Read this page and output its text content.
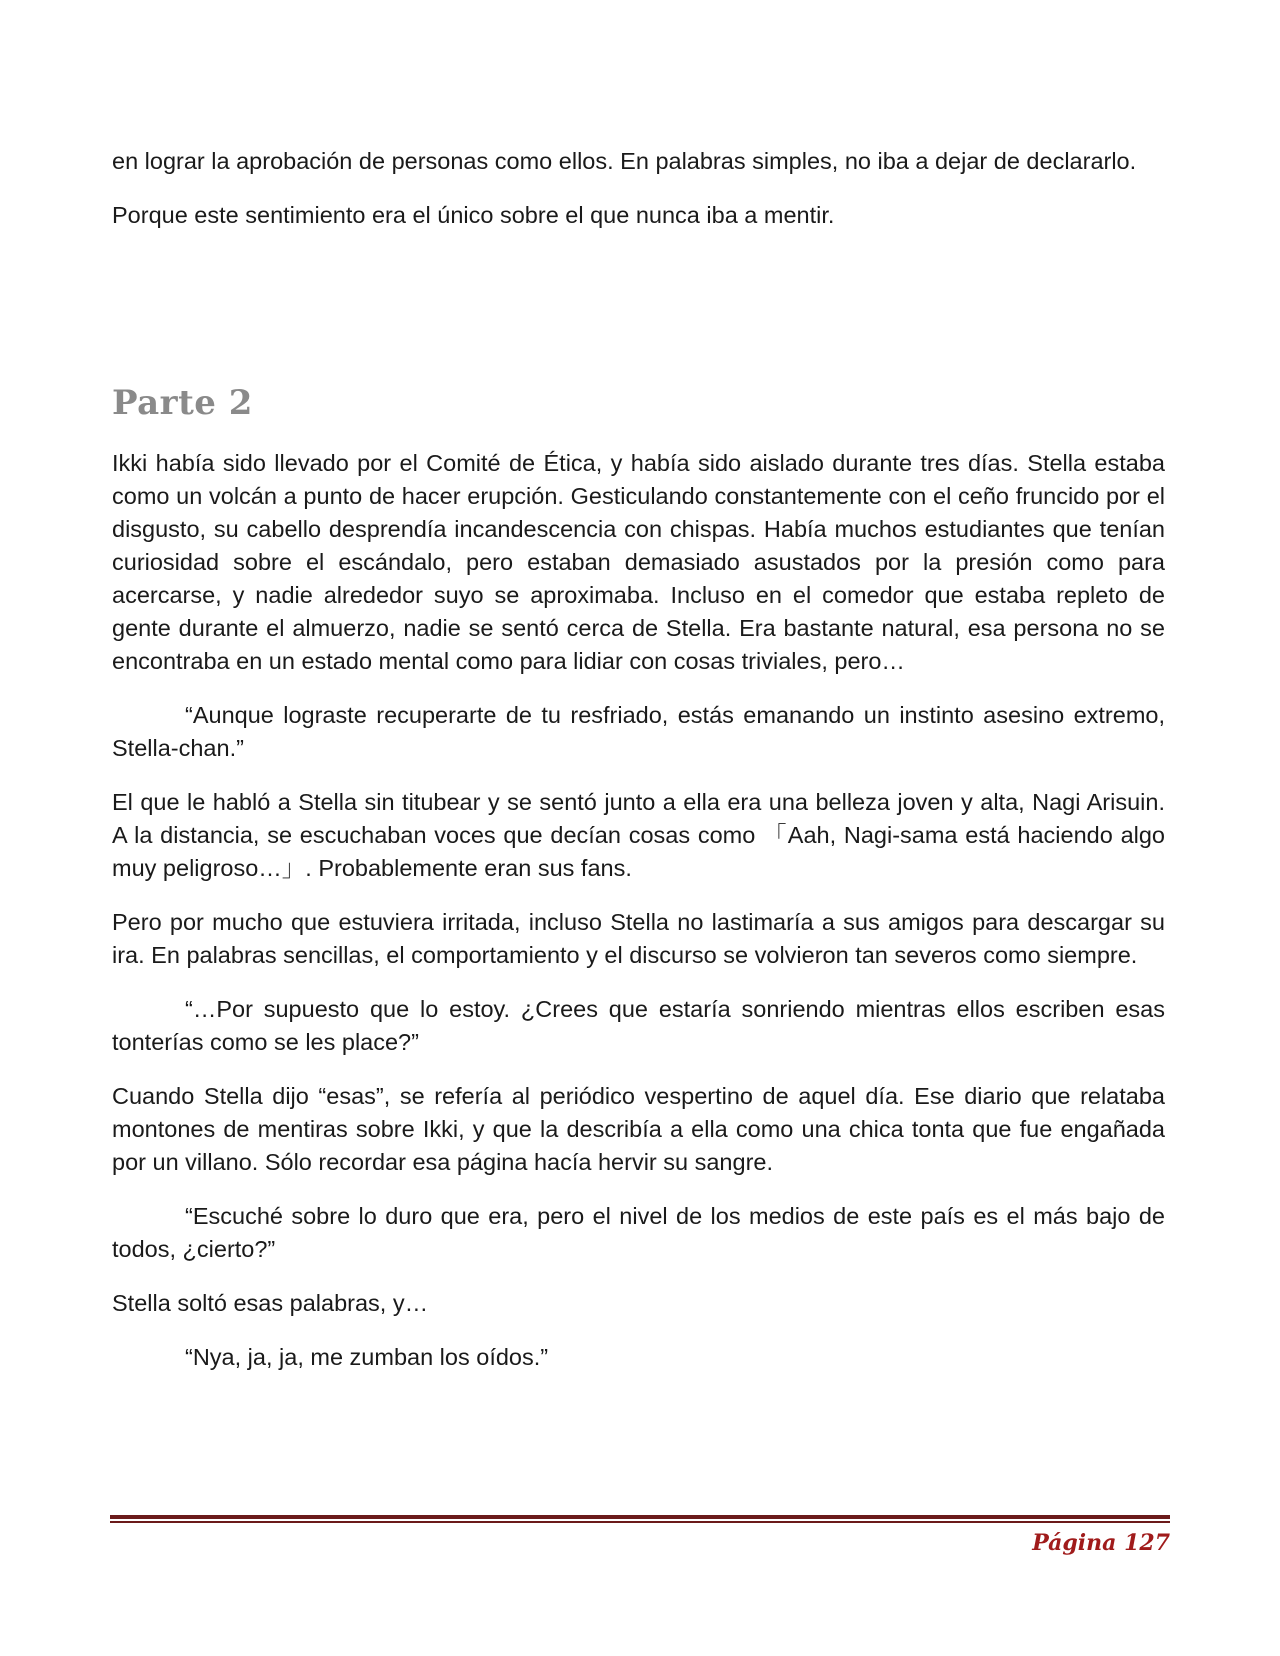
en lograr la aprobación de personas como ellos. En palabras simples, no iba a dejar de declararlo.

Porque este sentimiento era el único sobre el que nunca iba a mentir.

Parte 2

Ikki había sido llevado por el Comité de Ética, y había sido aislado durante tres días. Stella estaba como un volcán a punto de hacer erupción. Gesticulando constantemente con el ceño fruncido por el disgusto, su cabello desprendía incandescencia con chispas. Había muchos estudiantes que tenían curiosidad sobre el escándalo, pero estaban demasiado asustados por la presión como para acercarse, y nadie alrededor suyo se aproximaba. Incluso en el comedor que estaba repleto de gente durante el almuerzo, nadie se sentó cerca de Stella. Era bastante natural, esa persona no se encontraba en un estado mental como para lidiar con cosas triviales, pero…

“Aunque lograste recuperarte de tu resfriado, estás emanando un instinto asesino extremo, Stella-chan.”

El que le habló a Stella sin titubear y se sentó junto a ella era una belleza joven y alta, Nagi Arisuin. A la distancia, se escuchaban voces que decían cosas como 「Aah, Nagi-sama está haciendo algo muy peligroso…」. Probablemente eran sus fans.

Pero por mucho que estuviera irritada, incluso Stella no lastimaría a sus amigos para descargar su ira. En palabras sencillas, el comportamiento y el discurso se volvieron tan severos como siempre.

“…Por supuesto que lo estoy. ¿Crees que estaría sonriendo mientras ellos escriben esas tonterías como se les place?”

Cuando Stella dijo “esas”, se refería al periódico vespertino de aquel día. Ese diario que relataba montones de mentiras sobre Ikki, y que la describía a ella como una chica tonta que fue engañada por un villano. Sólo recordar esa página hacía hervir su sangre.

“Escuché sobre lo duro que era, pero el nivel de los medios de este país es el más bajo de todos, ¿cierto?”

Stella soltó esas palabras, y…

“Nya, ja, ja, me zumban los oídos.”

Página 127
